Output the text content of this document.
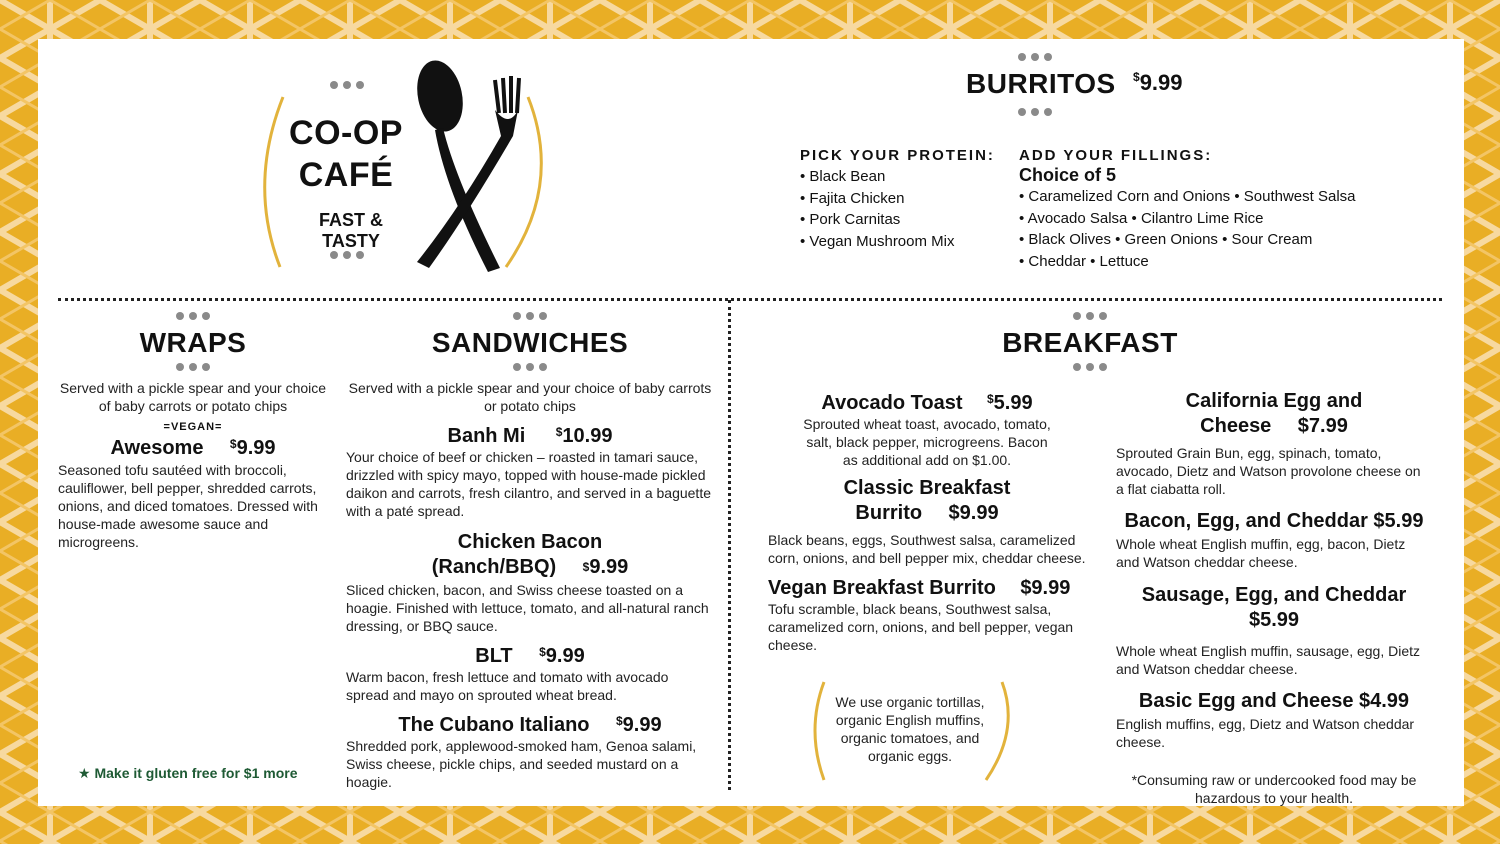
CO-OP
CAFÉ
FAST & TASTY
BURRITOS $9.99
PICK YOUR PROTEIN:
• Black Bean
• Fajita Chicken
• Pork Carnitas
• Vegan Mushroom Mix
ADD YOUR FILLINGS:
Choice of 5
• Caramelized Corn and Onions • Southwest Salsa
• Avocado Salsa • Cilantro Lime Rice
• Black Olives • Green Onions • Sour Cream
• Cheddar • Lettuce
WRAPS
Served with a pickle spear and your choice of baby carrots or potato chips
=VEGAN=
Awesome $9.99
Seasoned tofu sautéed with broccoli, cauliflower, bell pepper, shredded carrots, onions, and diced tomatoes. Dressed with house-made awesome sauce and microgreens.
★ Make it gluten free for $1 more
SANDWICHES
Served with a pickle spear and your choice of baby carrots or potato chips
Banh Mi	$10.99
Your choice of beef or chicken – roasted in tamari sauce, drizzled with spicy mayo, topped with house-made pickled daikon and carrots, fresh cilantro, and served in a baguette with a paté spread.
Chicken Bacon
(Ranch/BBQ) $9.99
Sliced chicken, bacon, and Swiss cheese toasted on a hoagie. Finished with lettuce, tomato, and all-natural ranch dressing, or BBQ sauce.
BLT $9.99
Warm bacon, fresh lettuce and tomato with avocado spread and mayo on sprouted wheat bread.
The Cubano Italiano $9.99
Shredded pork, applewood-smoked ham, Genoa salami, Swiss cheese, pickle chips, and seeded mustard on a hoagie.
BREAKFAST
Avocado Toast $5.99
Sprouted wheat toast, avocado, tomato, salt, black pepper, microgreens. Bacon as additional add on $1.00.
Classic Breakfast
Burrito $9.99
Black beans, eggs, Southwest salsa, caramelized corn, onions, and bell pepper mix, cheddar cheese.
Vegan Breakfast Burrito $9.99
Tofu scramble, black beans, Southwest salsa, caramelized corn, onions, and bell pepper, vegan cheese.
We use organic tortillas, organic English muffins, organic tomatoes, and organic eggs.
California Egg and
Cheese $7.99
Sprouted Grain Bun, egg, spinach, tomato, avocado, Dietz and Watson provolone cheese on a flat ciabatta roll.
Bacon, Egg, and Cheddar $5.99
Whole wheat English muffin, egg, bacon, Dietz and Watson cheddar cheese.
Sausage, Egg, and Cheddar
$5.99
Whole wheat English muffin, sausage, egg, Dietz and Watson cheddar cheese.
Basic Egg and Cheese $4.99
English muffins, egg, Dietz and Watson cheddar cheese.
*Consuming raw or undercooked food may be hazardous to your health.
